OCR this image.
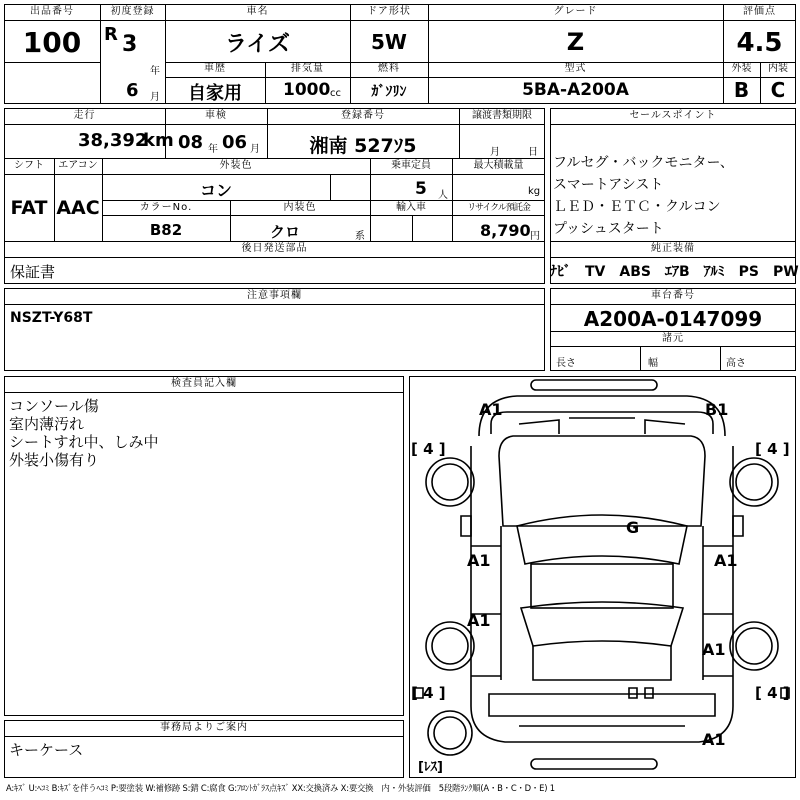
出品番号
100
初度登録
R 3
年
6 月
車名
ライズ
ドア形状
5W
グレード
Z
評価点
4.5
車歴
自家用
排気量
1000 cc
燃料
ｶﾞｿﾘﾝ
型式
5BA-A200A
外装	内装
B	C
走行
38,392
km
車検
08 年 06 月
登録番号
湘南 527ｿ5
譲渡書類期限
月	日
シフト	エアコン
FAT AAC
外装色
コン
乗車定員
5 人
最大積載量
kg
カラーNo.
B82
内装色
クロ	系
輸入車	リサイクル預託金
8,790 円
後日発送部品
保証書
セールスポイント
フルセグ・バックモニター、
スマートアシスト
ＬＥＤ・ＥＴＣ・クルコン
プッシュスタート
純正装備
ﾅﾋﾞ　TV　ABS　ｴｱB　ｱﾙﾐ　PS　PW
注意事項欄
NSZT-Y68T
車台番号
A200A-0147099
諸元
長さ	幅	高さ
検査員記入欄
コンソール傷
室内薄汚れ
シートすれ中、しみ中
外装小傷有り
事務局よりご案内
キーケース
A1	B1
G
A1	A1
A1
A1
A1
[ 4 ]	[ 4 ]
[ 4 ]	[ 4 ]
[ﾚｽ]
A:ｷｽﾞ U:ﾍｺﾐ B:ｷｽﾞを伴うﾍｺﾐ P:要塗装 W:補修跡 S:錆 C:腐食 G:ﾌﾛﾝﾄｶﾞﾗｽ点ｷｽﾞ XX:交換済み X:要交換　内・外装評価　5段階ﾗﾝｸ順(A・B・C・D・E) 1
